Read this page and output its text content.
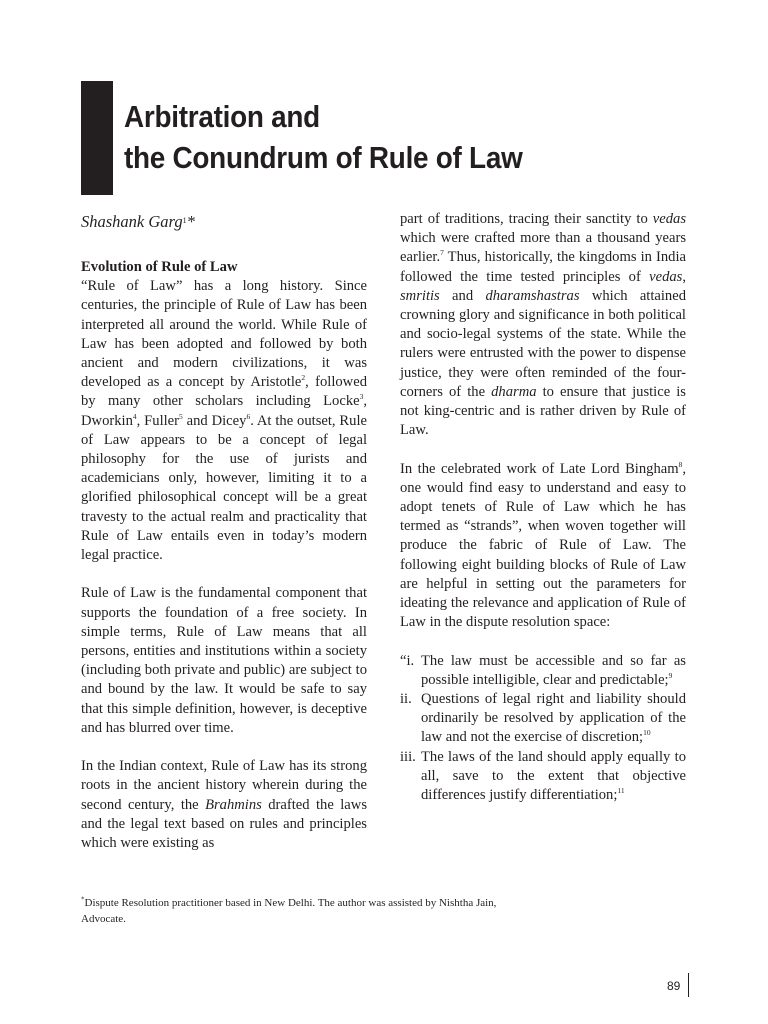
Arbitration and
the Conundrum of Rule of Law
Shashank Garg$^1$*
Evolution of Rule of Law

“Rule of Law” has a long history. Since centuries, the principle of Rule of Law has been interpreted all around the world. While Rule of Law has been adopted and followed by both ancient and modern civilizations, it was developed as a concept by Aristotle$^2$, followed by many other scholars including Locke$^3$, Dworkin$^4$, Fuller$^5$ and Dicey$^6$. At the outset, Rule of Law appears to be a concept of legal philosophy for the use of jurists and academicians only, however, limiting it to a glorified philosophical concept will be a great travesty to the actual realm and practicality that Rule of Law entails even in today’s modern legal practice.

Rule of Law is the fundamental component that supports the foundation of a free society. In simple terms, Rule of Law means that all persons, entities and institutions within a society (including both private and public) are subject to and bound by the law. It would be safe to say that this simple definition, however, is deceptive and has blurred over time.

In the Indian context, Rule of Law has its strong roots in the ancient history wherein during the second century, the Brahmins drafted the laws and the legal text based on rules and principles which were existing as

part of traditions, tracing their sanctity to vedas which were crafted more than a thousand years earlier.$^7$ Thus, historically, the kingdoms in India followed the time tested principles of vedas, smritis and dharamshastras which attained crowning glory and significance in both political and socio-legal systems of the state. While the rulers were entrusted with the power to dispense justice, they were often reminded of the four-corners of the dharma to ensure that justice is not king-centric and is rather driven by Rule of Law.

In the celebrated work of Late Lord Bingham$^8$, one would find easy to understand and easy to adopt tenets of Rule of Law which he has termed as “strands”, when woven together will produce the fabric of Rule of Law. The following eight building blocks of Rule of Law are helpful in setting out the parameters for ideating the relevance and application of Rule of Law in the dispute resolution space:

“i. The law must be accessible and so far as possible intelligible, clear and predictable;$^9$
ii. Questions of legal right and liability should ordinarily be resolved by application of the law and not the exercise of discretion;$^{10}$
iii. The laws of the land should apply equally to all, save to the extent that objective differences justify differentiation;$^{11}$
*Dispute Resolution practitioner based in New Delhi. The author was assisted by Nishtha Jain, Advocate.
89
